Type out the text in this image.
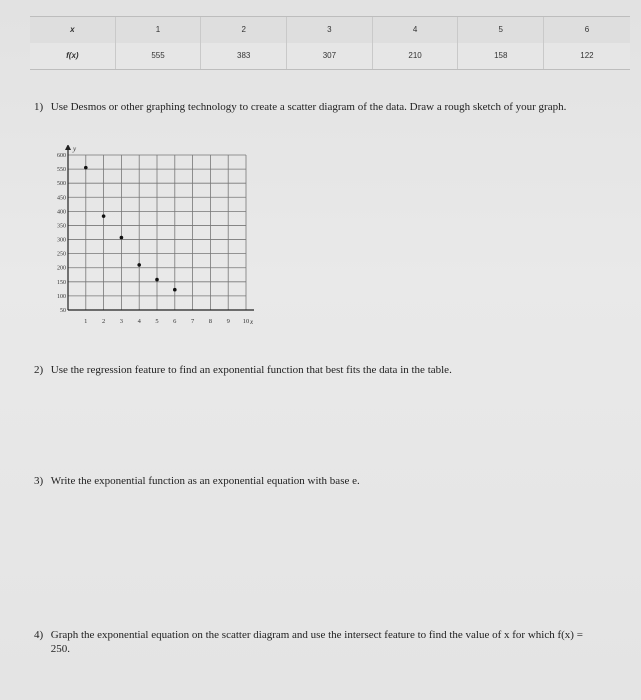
x	1	2	3	4	5	6
f(x)	555	383	307	210	158	122
1) Use Desmos or other graphing technology to create a scatter diagram of the data. Draw a rough sketch of your graph.
y
x
1 2 3 4 5 6 7 8 9 10
50
100
150
200
250
300
350
400
450
500
550
600
2) Use the regression feature to find an exponential function that best fits the data in the table.
3) Write the exponential function as an exponential equation with base e.
4) Graph the exponential equation on the scatter diagram and use the intersect feature to find the value of x for which f(x) = 250.
